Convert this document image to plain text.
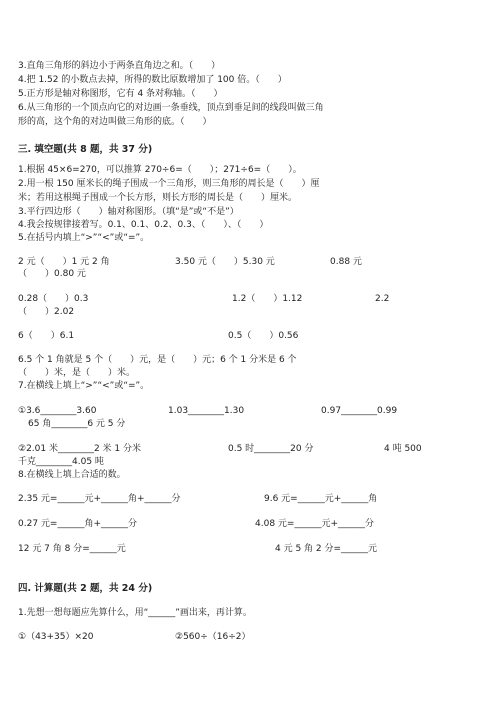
3.直角三角形的斜边小于两条直角边之和。（　　）
4.把 1.52 的小数点去掉，所得的数比原数增加了 100 倍。（　　）
5.正方形是轴对称图形，它有 4 条对称轴。（　　）
6.从三角形的一个顶点向它的对边画一条垂线，顶点到垂足间的线段叫做三角
形的高，这个角的对边叫做三角形的底。（　　）
三. 填空题(共 8 题，共 37 分)
1.根据 45×6=270，可以推算 270÷6=（　　）；271÷6=（　　）。
2.用一根 150 厘米长的绳子围成一个三角形，则三角形的周长是（　　）厘
米；若用这根绳子围成一个长方形，则长方形的周长是（　　）厘米。
3.平行四边形（　　）轴对称图形。（填“是”或“不是”）
4.我会按规律接着写。0.1、0.1、0.2、0.3、（　　）、（　　）
5.在括号内填上“>”“<”或“=”。
2 元（　　）1 元 2 角	3.50 元（　　）5.30 元	0.88 元
（　　）0.80 元
0.28（　　）0.3	1.2（　　）1.12	2.2
（　　）2.02
6（　　）6.1	0.5（　　）0.56
6.5 个 1 角就是 5 个（　　）元，是（　　）元；6 个 1 分米是 6 个
（　　）米，是（　　）米。
7.在横线上填上“>”“<”或“=”。
①3.6________3.60	1.03________1.30	0.97________0.99
65 角________6 元 5 分
②2.01 米________2 米 1 分米	0.5 时________20 分	4 吨 500
千克________4.05 吨
8.在横线上填上合适的数。
2.35 元=______元+______角+______分	9.6 元=______元+______角
0.27 元=______角+______分	4.08 元=______元+______分
12 元 7 角 8 分=______元	4 元 5 角 2 分=______元
四. 计算题(共 2 题，共 24 分)
1.先想一想每题应先算什么，用“______”画出来，再计算。
①（43+35）×20	②560÷（16÷2）
